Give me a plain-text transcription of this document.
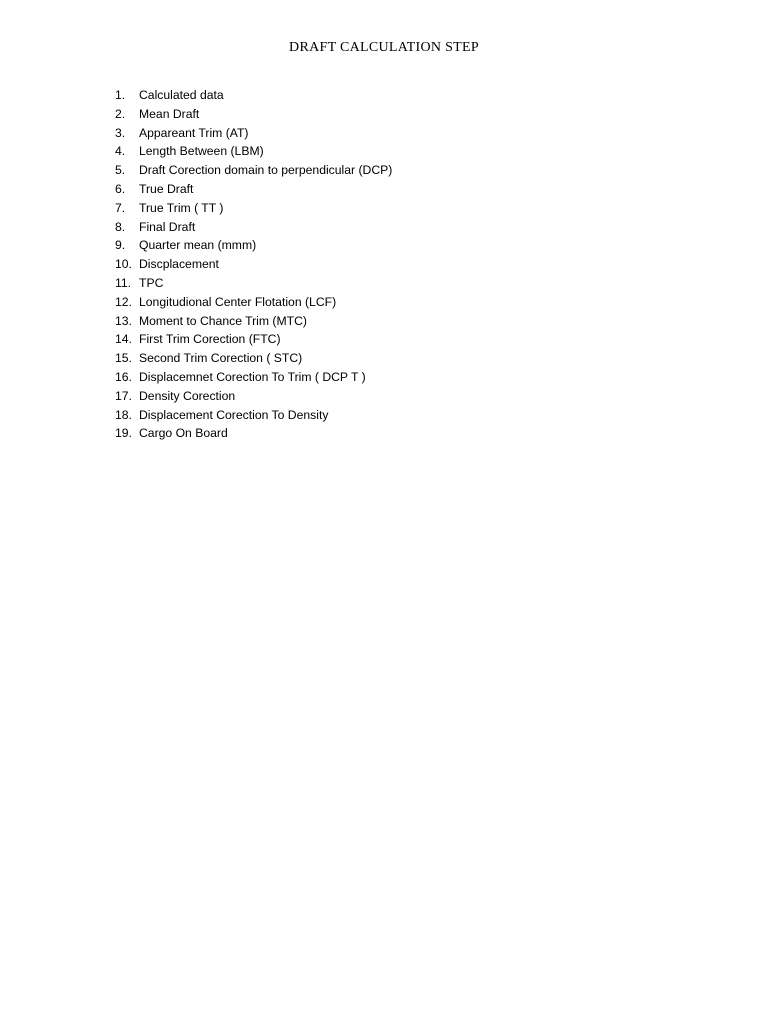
DRAFT CALCULATION STEP
1. Calculated data
2. Mean Draft
3. Appareant Trim (AT)
4. Length Between (LBM)
5. Draft Corection domain to perpendicular (DCP)
6. True Draft
7. True Trim ( TT )
8. Final Draft
9. Quarter mean (mmm)
10. Discplacement
11. TPC
12. Longitudional Center Flotation (LCF)
13. Moment to Chance Trim (MTC)
14. First Trim Corection (FTC)
15. Second Trim Corection ( STC)
16. Displacemnet Corection To Trim ( DCP T )
17. Density Corection
18. Displacement Corection To Density
19. Cargo On Board
